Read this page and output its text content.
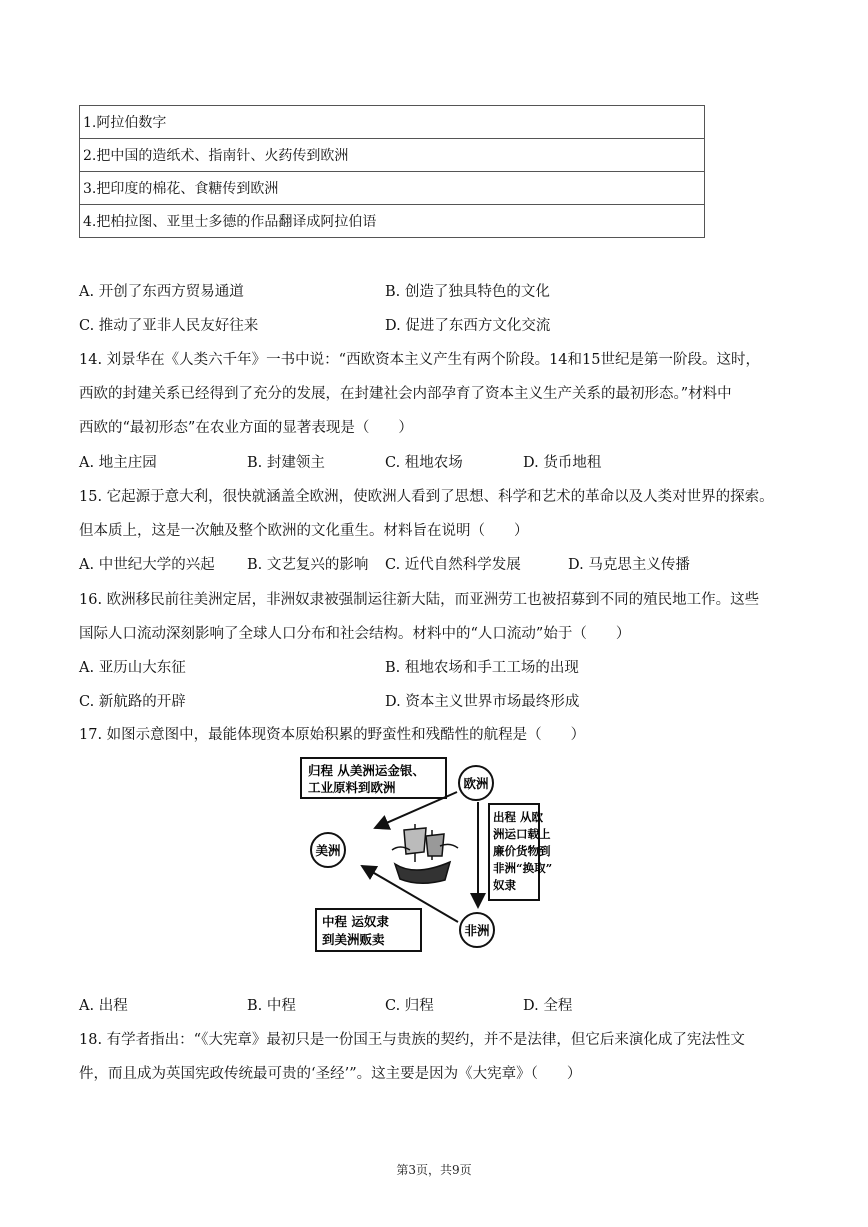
1.阿拉伯数字
2.把中国的造纸术、指南针、火药传到欧洲
3.把印度的棉花、食糖传到欧洲
4.把柏拉图、亚里士多德的作品翻译成阿拉伯语
A. 开创了东西方贸易通道	B. 创造了独具特色的文化
C. 推动了亚非人民友好往来	D. 促进了东西方文化交流
14. 刘景华在《人类六千年》一书中说：“西欧资本主义产生有两个阶段。14和15世纪是第一阶段。这时，
西欧的封建关系已经得到了充分的发展，在封建社会内部孕育了资本主义生产关系的最初形态。”材料中
西欧的“最初形态”在农业方面的显著表现是（　　）
A. 地主庄园	B. 封建领主	C. 租地农场	D. 货币地租
15. 它起源于意大利，很快就涵盖全欧洲，使欧洲人看到了思想、科学和艺术的革命以及人类对世界的探索。
但本质上，这是一次触及整个欧洲的文化重生。材料旨在说明（　　）
A. 中世纪大学的兴起 B. 文艺复兴的影响 C. 近代自然科学发展	D. 马克思主义传播
16. 欧洲移民前往美洲定居，非洲奴隶被强制运往新大陆，而亚洲劳工也被招募到不同的殖民地工作。这些
国际人口流动深刻影响了全球人口分布和社会结构。材料中的“人口流动”始于（　　）
A. 亚历山大东征	B. 租地农场和手工工场的出现
C. 新航路的开辟	D. 资本主义世界市场最终形成
17. 如图示意图中，最能体现资本原始积累的野蛮性和残酷性的航程是（　　）
归程 从美洲运金银、
工业原料到欧洲	欧洲
美洲
非洲
出程 从欧
洲运口载上
廉价货物到
非洲“换取”
奴隶
中程 运奴隶
到美洲贩卖
A. 出程	B. 中程	C. 归程	D. 全程
18. 有学者指出：“《大宪章》最初只是一份国王与贵族的契约，并不是法律，但它后来演化成了宪法性文
件，而且成为英国宪政传统最可贵的‘圣经’”。这主要是因为《大宪章》（　　）
第3页，共9页
